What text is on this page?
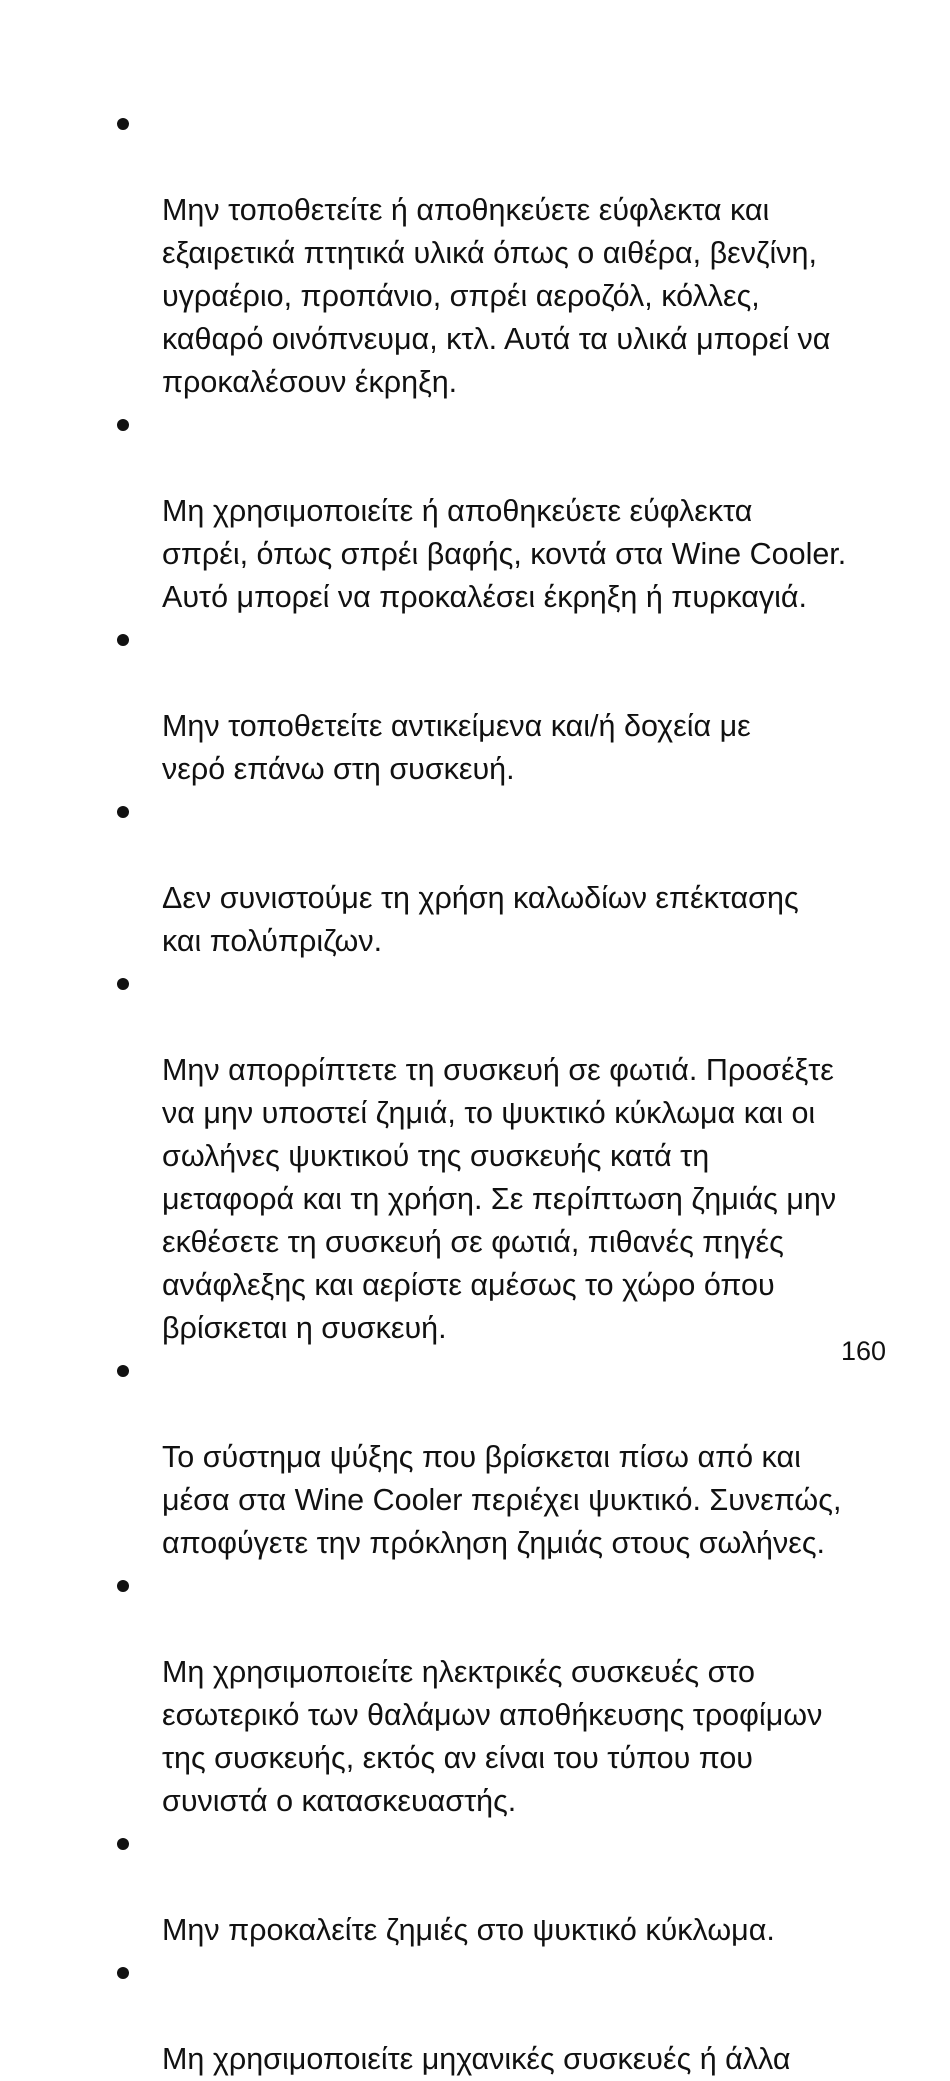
Μην τοποθετείτε ή αποθηκεύετε εύφλεκτα και
εξαιρετικά πτητικά υλικά όπως ο αιθέρα, βενζίνη,
υγραέριο, προπάνιο, σπρέι αεροζόλ, κόλλες,
καθαρό οινόπνευμα, κτλ. Αυτά τα υλικά μπορεί να
προκαλέσουν έκρηξη.

Μη χρησιμοποιείτε ή αποθηκεύετε εύφλεκτα
σπρέι, όπως σπρέι βαφής, κοντά στα Wine Cooler.
Αυτό μπορεί να προκαλέσει έκρηξη ή πυρκαγιά.

Μην τοποθετείτε αντικείμενα και/ή δοχεία με
νερό επάνω στη συσκευή.

Δεν συνιστούμε τη χρήση καλωδίων επέκτασης
και πολύπριζων.

Μην απορρίπτετε τη συσκευή σε φωτιά. Προσέξτε
να μην υποστεί ζημιά, το ψυκτικό κύκλωμα και οι
σωλήνες ψυκτικού της συσκευής κατά τη
μεταφορά και τη χρήση. Σε περίπτωση ζημιάς μην
εκθέσετε τη συσκευή σε φωτιά, πιθανές πηγές
ανάφλεξης και αερίστε αμέσως το χώρο όπου
βρίσκεται η συσκευή.

Το σύστημα ψύξης που βρίσκεται πίσω από και
μέσα στα Wine Cooler περιέχει ψυκτικό. Συνεπώς,
αποφύγετε την πρόκληση ζημιάς στους σωλήνες.

Μη χρησιμοποιείτε ηλεκτρικές συσκευές στο
εσωτερικό των θαλάμων αποθήκευσης τροφίμων
της συσκευής, εκτός αν είναι του τύπου που
συνιστά ο κατασκευαστής.

Μην προκαλείτε ζημιές στο ψυκτικό κύκλωμα.

Μη χρησιμοποιείτε μηχανικές συσκευές ή άλλα

160
